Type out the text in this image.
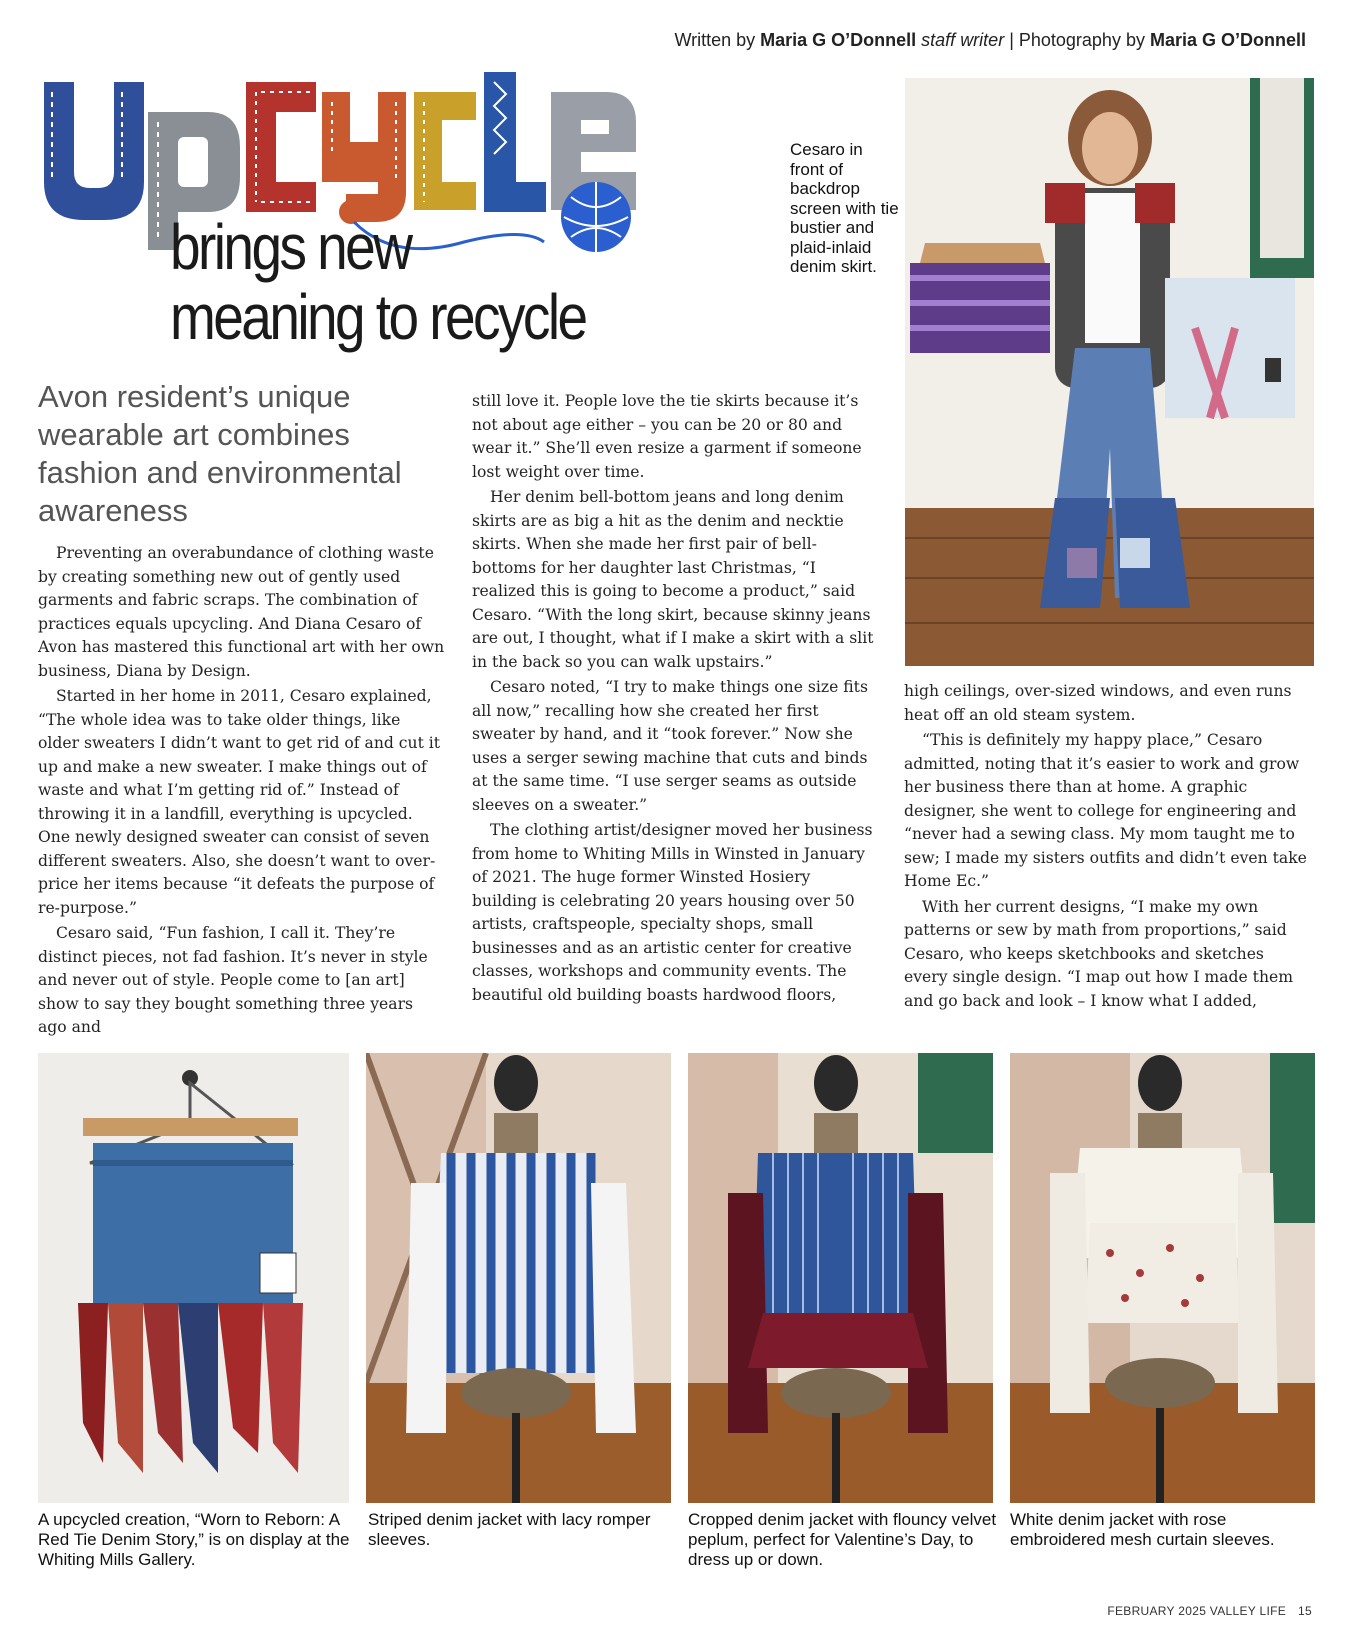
Written by Maria G O’Donnell staff writer | Photography by Maria G O’Donnell
brings new
meaning to recycle
Avon resident’s unique wearable art combines fashion and environmental awareness

Preventing an overabundance of clothing waste by creating something new out of gently used garments and fabric scraps. The combination of practices equals upcycling. And Diana Cesaro of Avon has mastered this functional art with her own business, Diana by Design.

Started in her home in 2011, Cesaro explained, “The whole idea was to take older things, like older sweaters I didn’t want to get rid of and cut it up and make a new sweater. I make things out of waste and what I’m getting rid of.” Instead of throwing it in a landfill, everything is upcycled. One newly designed sweater can consist of seven different sweaters. Also, she doesn’t want to over-price her items because “it defeats the purpose of re-purpose.”

Cesaro said, “Fun fashion, I call it. They’re distinct pieces, not fad fashion. It’s never in style and never out of style. People come to [an art] show to say they bought something three years ago and

still love it. People love the tie skirts because it’s not about age either – you can be 20 or 80 and wear it.” She’ll even resize a garment if someone lost weight over time.

Her denim bell-bottom jeans and long denim skirts are as big a hit as the denim and necktie skirts. When she made her first pair of bell-bottoms for her daughter last Christmas, “I realized this is going to become a product,” said Cesaro. “With the long skirt, because skinny jeans are out, I thought, what if I make a skirt with a slit in the back so you can walk upstairs.”

Cesaro noted, “I try to make things one size fits all now,” recalling how she created her first sweater by hand, and it “took forever.” Now she uses a serger sewing machine that cuts and binds at the same time. “I use serger seams as outside sleeves on a sweater.”

The clothing artist/designer moved her business from home to Whiting Mills in Winsted in January of 2021. The huge former Winsted Hosiery building is celebrating 20 years housing over 50 artists, craftspeople, specialty shops, small businesses and as an artistic center for creative classes, workshops and community events. The beautiful old building boasts hardwood floors,

high ceilings, over-sized windows, and even runs heat off an old steam system.

“This is definitely my happy place,” Cesaro admitted, noting that it’s easier to work and grow her business there than at home. A graphic designer, she went to college for engineering and “never had a sewing class. My mom taught me to sew; I made my sisters outfits and didn’t even take Home Ec.”

With her current designs, “I make my own patterns or sew by math from proportions,” said Cesaro, who keeps sketchbooks and sketches every single design. “I map out how I made them and go back and look – I know what I added,

Cesaro in front of backdrop screen with tie bustier and plaid-inlaid denim skirt.
A upcycled creation, “Worn to Reborn: A Red Tie Denim Story,” is on display at the Whiting Mills Gallery.
Striped denim jacket with lacy romper sleeves.
Cropped denim jacket with flouncy velvet peplum, perfect for Valentine’s Day, to dress up or down.
White denim jacket with rose embroidered mesh curtain sleeves.
FEBRUARY 2025 VALLEY LIFE 15
